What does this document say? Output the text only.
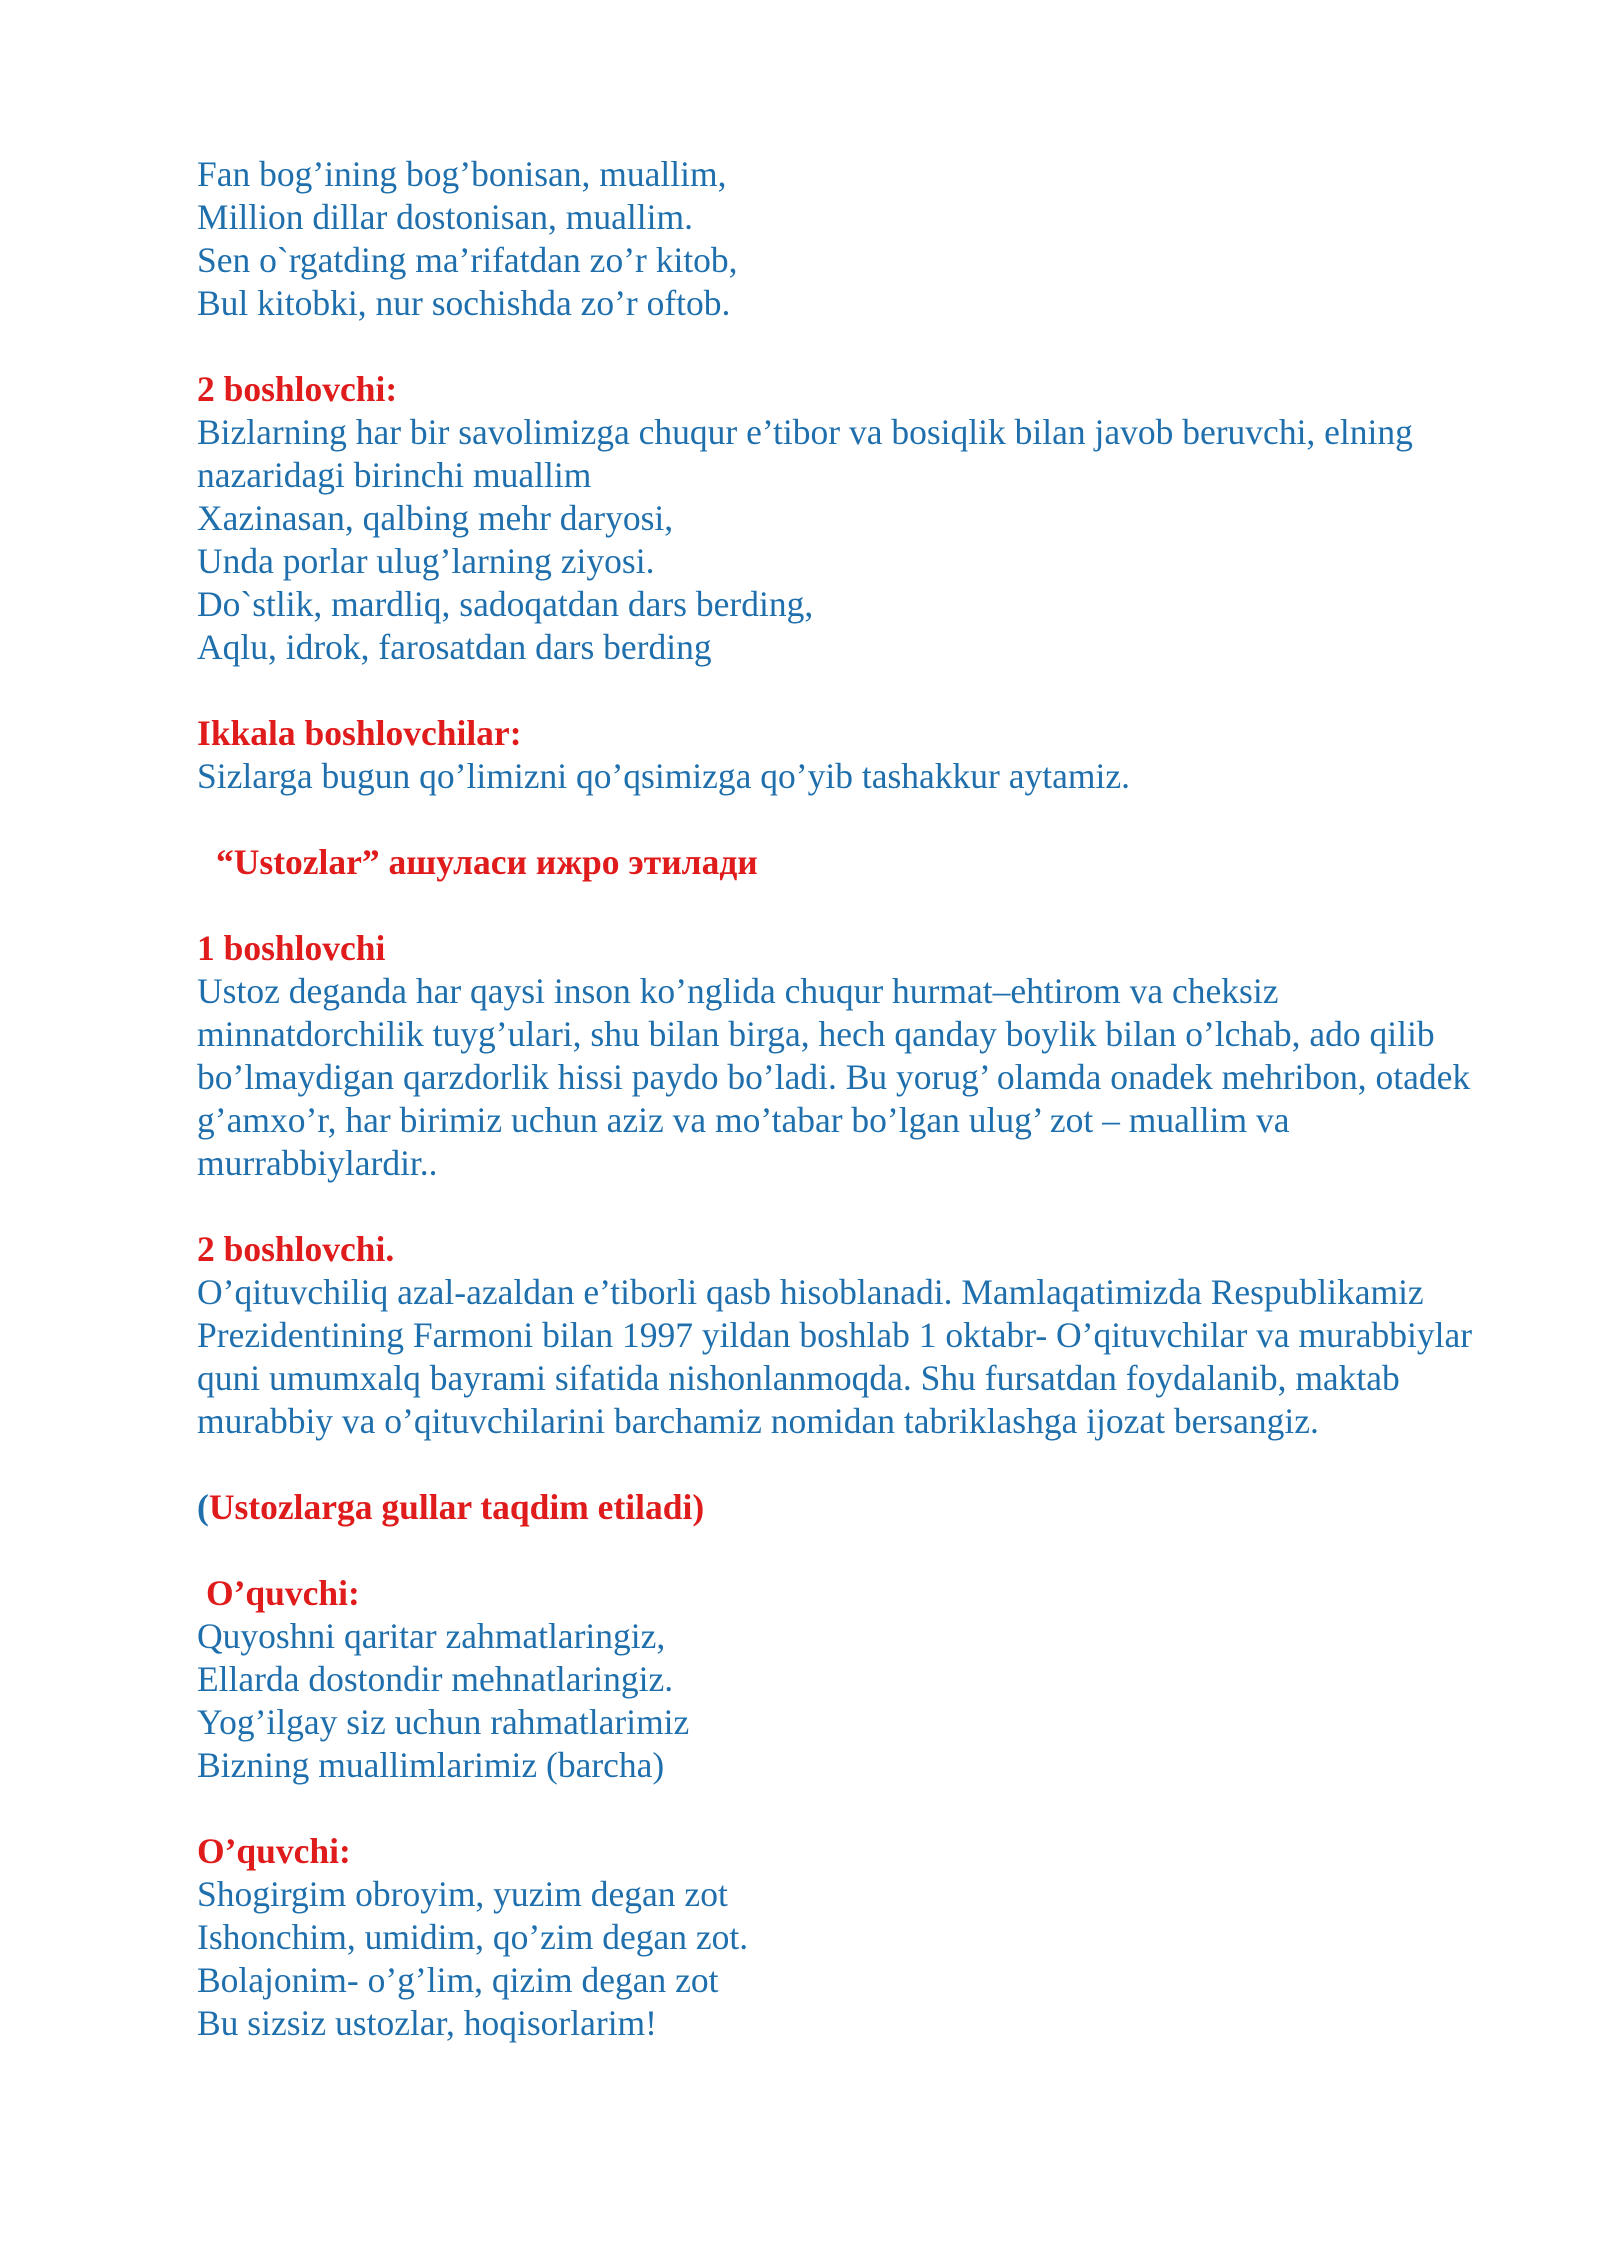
Fan bog’ining bog’bonisan, muallim,
Million dillar dostonisan, muallim.
Sen o`rgatding ma’rifatdan zo’r kitob,
Bul kitobki, nur sochishda zo’r oftob.
2 boshlovchi:
Bizlarning har bir savolimizga chuqur e’tibor va bosiqlik bilan javob beruvchi, elning nazaridagi birinchi muallim
Xazinasan, qalbing mehr daryosi,
Unda porlar ulug’larning ziyosi.
Do`stlik, mardliq, sadoqatdan dars berding,
Aqlu, idrok, farosatdan dars berding
Ikkala boshlovchilar:
Sizlarga bugun qo’limizni qo’qsimizga qo’yib tashakkur aytamiz.
“Ustozlar” ашуласи ижро этилади
1 boshlovchi
Ustoz deganda har qaysi inson ko’nglida chuqur hurmat–ehtirom va cheksiz minnatdorchilik tuyg’ulari, shu bilan birga, hech qanday boylik bilan o’lchab, ado qilib bo’lmaydigan qarzdorlik hissi paydo bo’ladi. Bu yorug’ olamda onadek mehribon, otadek g’amxo’r, har birimiz uchun aziz va mo’tabar bo’lgan ulug’ zot – muallim va murrabbiylardir..
2 boshlovchi.
O’qituvchiliq azal-azaldan e’tiborli qasb hisoblanadi. Mamlaqatimizda Respublikamiz Prezidentining Farmoni bilan 1997 yildan boshlab 1 oktabr- O’qituvchilar va murabbiylar quni umumxalq bayrami sifatida nishonlanmoqda. Shu fursatdan foydalanib, maktab murabbiy va o’qituvchilarini barchamiz nomidan tabriklashga ijozat bersangiz.
(Ustozlarga gullar taqdim etiladi)
O’quvchi:
Quyoshni qaritar zahmatlaringiz,
Ellarda dostondir mehnatlaringiz.
Yog’ilgay siz uchun rahmatlarimiz
Bizning muallimlarimiz (barcha)
O’quvchi:
Shogirgim obroyim, yuzim degan zot
Ishonchim, umidim, qo’zim degan zot.
Bolajonim- o’g’lim, qizim degan zot
Bu sizsiz ustozlar, hoqisorlarim!
